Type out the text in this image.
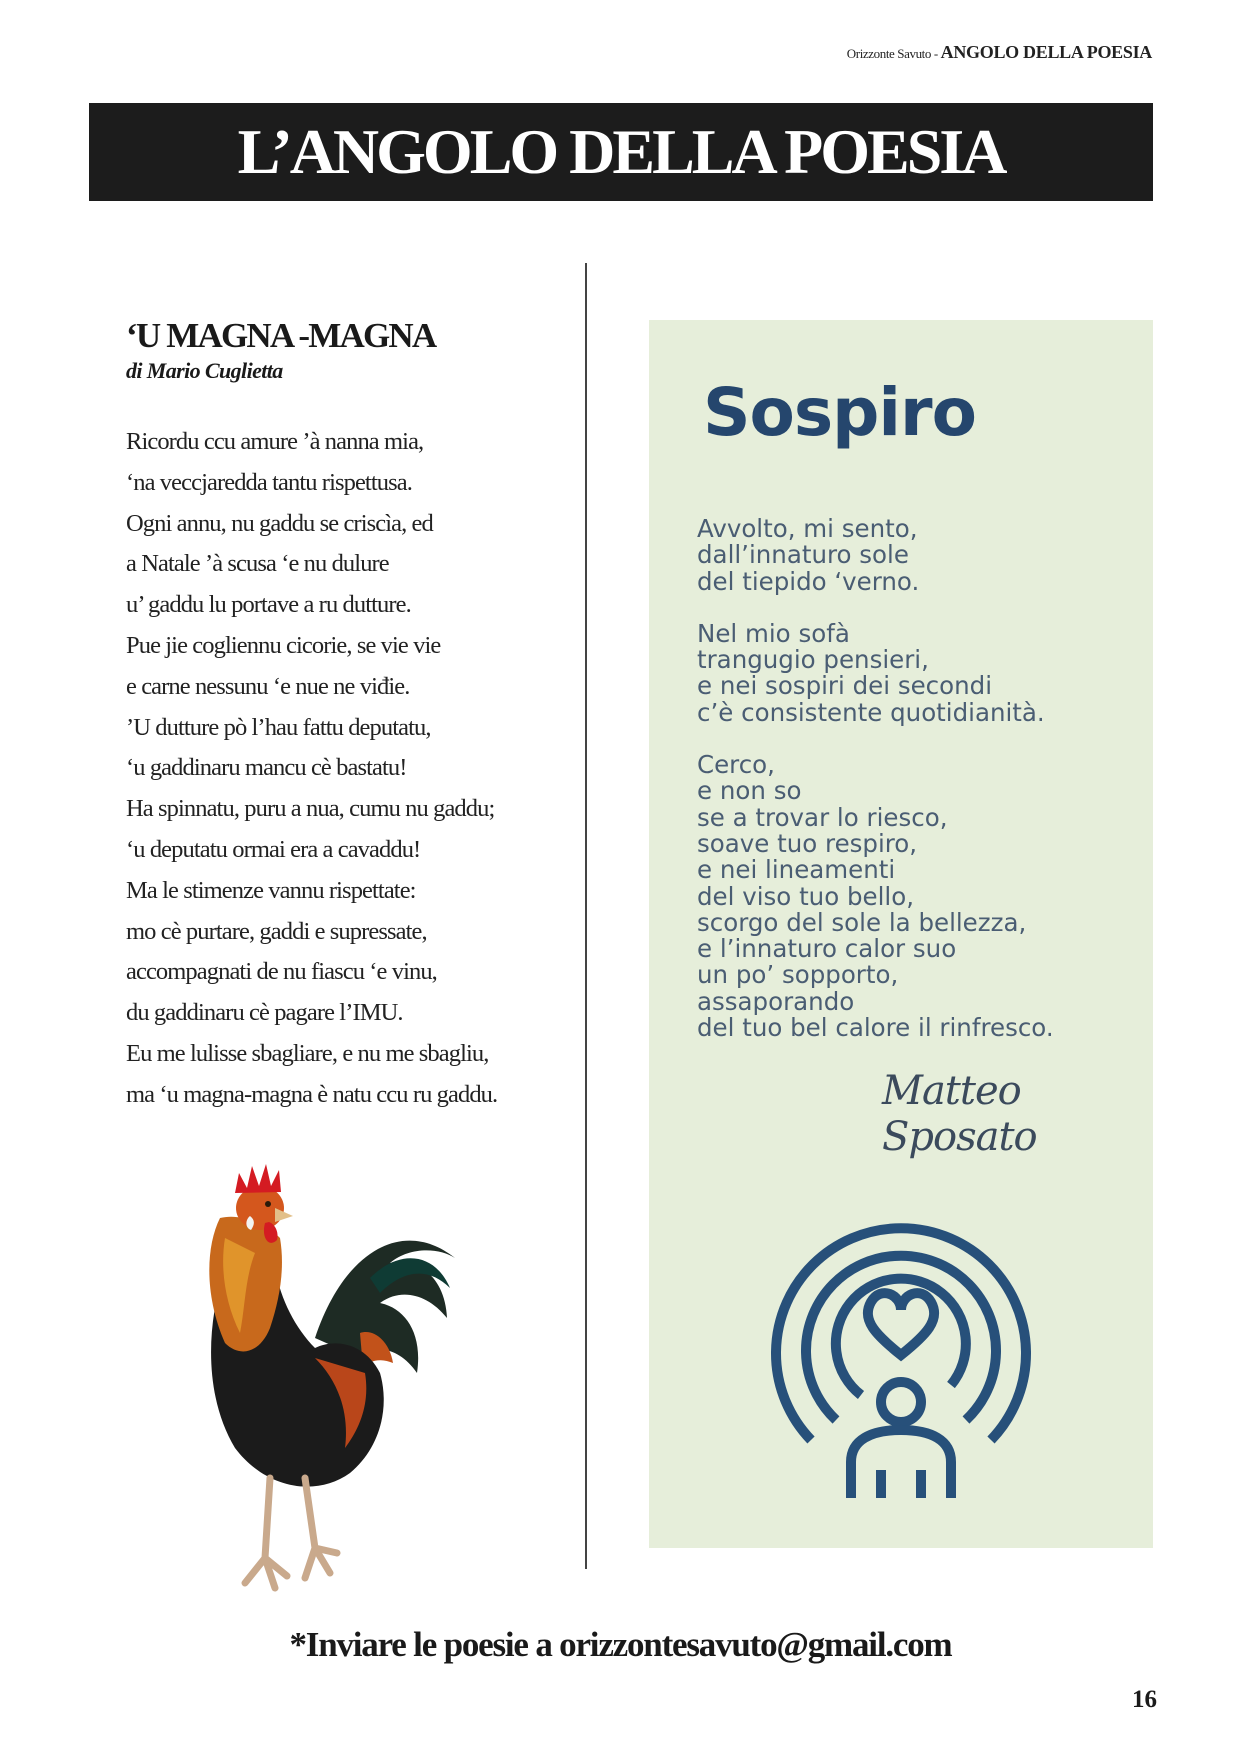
Orizzonte Savuto - ANGOLO DELLA POESIA
L’ANGOLO DELLA POESIA
‘U MAGNA -MAGNA
di Mario Cuglietta
Ricordu ccu amure ’à nanna mia,
‘na veccjaredda tantu rispettusa.
Ogni annu, nu gaddu se criscìa, ed
a Natale ’à scusa ‘e nu dulure
u’ gaddu lu portave a ru dutture.
Pue jie cogliennu cicorie, se vie vie
e carne nessunu ‘e nue ne viđie.
’U dutture pò l’hau fattu deputatu,
‘u gaddinaru mancu cè bastatu!
Ha spinnatu, puru a nua, cumu nu gaddu;
‘u deputatu ormai era a cavaddu!
Ma le stimenze vannu rispettate:
mo cè purtare, gaddi e supressate,
accompagnati de nu fiascu ‘e vinu,
du gaddinaru cè pagare l’IMU.
Eu me lulisse sbagliare, e nu me sbagliu,
ma ‘u magna-magna è natu ccu ru gaddu.
Sospiro
Avvolto, mi sento,
dall’innaturo sole
del tiepido ‘verno.
Nel mio sofà
trangugio pensieri,
e nei sospiri dei secondi
c’è consistente quotidianità.
Cerco,
e non so
se a trovar lo riesco,
soave tuo respiro,
e nei lineamenti
del viso tuo bello,
scorgo del sole la bellezza,
e l’innaturo calor suo
un po’ sopporto,
assaporando
del tuo bel calore il rinfresco.
Matteo Sposato
*Inviare le poesie a orizzontesavuto@gmail.com
16
